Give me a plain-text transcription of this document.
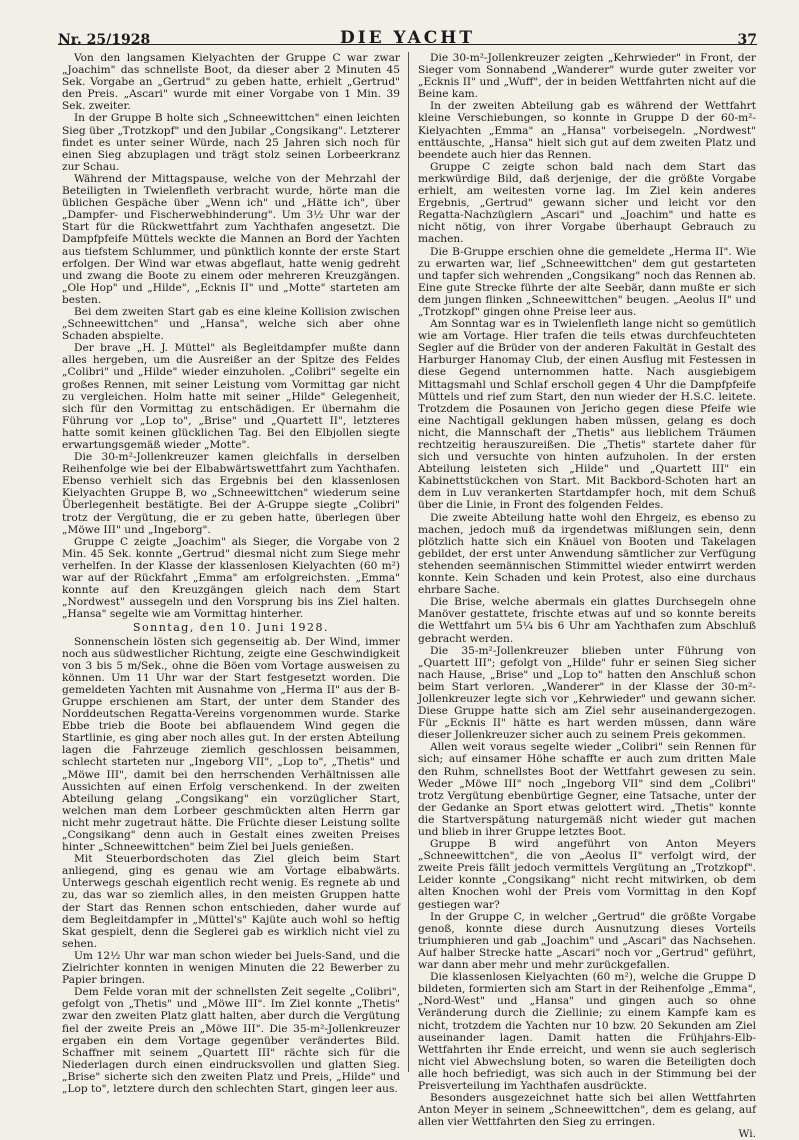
Nr. 25/1928	DIE YACHT	37

Von den langsamen Kielyachten der Gruppe C war zwar „Joachim" das schnellste Boot, da dieser aber 2 Minuten 45 Sek. Vorgabe an „Gertrud" zu geben hatte, erhielt „Gertrud" den Preis. „Ascari" wurde mit einer Vorgabe von 1 Min. 39 Sek. zweiter.

In der Gruppe B holte sich „Schneewittchen" einen leichten Sieg über „Trotzkopf" und den Jubilar „Congsikang". Letzterer findet es unter seiner Würde, nach 25 Jahren sich noch für einen Sieg abzuplagen und trägt stolz seinen Lorbeerkranz zur Schau.

Während der Mittagspause, welche von der Mehrzahl der Beteiligten in Twielenfleth verbracht wurde, hörte man die üblichen Gespäche über „Wenn ich" und „Hätte ich", über „Dampfer- und Fischerwebhinderung". Um 3½ Uhr war der Start für die Rückwettfahrt zum Yachthafen angesetzt. Die Dampfpfeife Müttels weckte die Mannen an Bord der Yachten aus tiefstem Schlummer, und pünktlich konnte der erste Start erfolgen. Der Wind war etwas abgeflaut, hatte wenig gedreht und zwang die Boote zu einem oder mehreren Kreuzgängen. „Ole Hop" und „Hilde", „Ecknis II" und „Motte" starteten am besten.

Bei dem zweiten Start gab es eine kleine Kollision zwischen „Schneewittchen" und „Hansa", welche sich aber ohne Schaden abspielte.

Der brave „H. J. Müttel" als Begleitdampfer mußte dann alles hergeben, um die Ausreißer an der Spitze des Feldes „Colibri" und „Hilde" wieder einzuholen. „Colibri" segelte ein großes Rennen, mit seiner Leistung vom Vormittag gar nicht zu vergleichen. Holm hatte mit seiner „Hilde" Gelegenheit, sich für den Vormittag zu entschädigen. Er übernahm die Führung vor „Lop to", „Brise" und „Quartett II", letzteres hatte somit keinen glücklichen Tag. Bei den Elbjollen siegte erwartungsgemäß wieder „Motte".

Die 30-m²-Jollenkreuzer kamen gleichfalls in derselben Reihenfolge wie bei der Elbabwärtswettfahrt zum Yachthafen. Ebenso verhielt sich das Ergebnis bei den klassenlosen Kielyachten Gruppe B, wo „Schneewittchen" wiederum seine Überlegenheit bestätigte. Bei der A-Gruppe siegte „Colibri" trotz der Vergütung, die er zu geben hatte, überlegen über „Möwe III" und „Ingeborg".

Gruppe C zeigte „Joachim" als Sieger, die Vorgabe von 2 Min. 45 Sek. konnte „Gertrud" diesmal nicht zum Siege mehr verhelfen. In der Klasse der klassenlosen Kielyachten (60 m²) war auf der Rückfahrt „Emma" am erfolgreichsten. „Emma" konnte auf den Kreuzgängen gleich nach dem Start „Nordwest" aussegeln und den Vorsprung bis ins Ziel halten. „Hansa" segelte wie am Vormittag hinterher.

Sonntag, den 10. Juni 1928.

Sonnenschein lösten sich gegenseitig ab. Der Wind, immer noch aus südwestlicher Richtung, zeigte eine Geschwindigkeit von 3 bis 5 m/Sek., ohne die Böen vom Vortage ausweisen zu können. Um 11 Uhr war der Start festgesetzt worden. Die gemeldeten Yachten mit Ausnahme von „Herma II" aus der B-Gruppe erschienen am Start, der unter dem Stander des Norddeutschen Regatta-Vereins vorgenommen wurde. Starke Ebbe trieb die Boote bei abflauendem Wind gegen die Startlinie, es ging aber noch alles gut. In der ersten Abteilung lagen die Fahrzeuge ziemlich geschlossen beisammen, schlecht starteten nur „Ingeborg VII", „Lop to", „Thetis" und „Möwe III", damit bei den herrschenden Verhältnissen alle Aussichten auf einen Erfolg verschenkend. In der zweiten Abteilung gelang „Congsikang" ein vorzüglicher Start, welchen man dem Lorbeer geschmückten alten Herrn gar nicht mehr zugetraut hätte. Die Früchte dieser Leistung sollte „Congsikang" denn auch in Gestalt eines zweiten Preises hinter „Schneewittchen" beim Ziel bei Juels genießen.

Mit Steuerbordschoten das Ziel gleich beim Start anliegend, ging es genau wie am Vortage elbabwärts. Unterwegs geschah eigentlich recht wenig. Es regnete ab und zu, das war so ziemlich alles, in den meisten Gruppen hatte der Start das Rennen schon entschieden, daher wurde auf dem Begleitdampfer in „Müttel's" Kajüte auch wohl so heftig Skat gespielt, denn die Seglerei gab es wirklich nicht viel zu sehen.

Um 12½ Uhr war man schon wieder bei Juels-Sand, und die Zielrichter konnten in wenigen Minuten die 22 Bewerber zu Papier bringen.

Dem Felde voran mit der schnellsten Zeit segelte „Colibri", gefolgt von „Thetis" und „Möwe III". Im Ziel konnte „Thetis" zwar den zweiten Platz glatt halten, aber durch die Vergütung fiel der zweite Preis an „Möwe III". Die 35-m²-Jollenkreuzer ergaben ein dem Vortage gegenüber verändertes Bild. Schaffner mit seinem „Quartett III" rächte sich für die Niederlagen durch einen eindrucksvollen und glatten Sieg. „Brise" sicherte sich den zweiten Platz und Preis, „Hilde" und „Lop to", letztere durch den schlechten Start, gingen leer aus.

Die 30-m²-Jollenkreuzer zeigten „Kehrwieder" in Front, der Sieger vom Sonnabend „Wanderer" wurde guter zweiter vor „Ecknis II" und „Wuff", der in beiden Wettfahrten nicht auf die Beine kam.

In der zweiten Abteilung gab es während der Wettfahrt kleine Verschiebungen, so konnte in Gruppe D der 60-m²-Kielyachten „Emma" an „Hansa" vorbeisegeln. „Nordwest" enttäuschte, „Hansa" hielt sich gut auf dem zweiten Platz und beendete auch hier das Rennen.

Gruppe C zeigte schon bald nach dem Start das merkwürdige Bild, daß derjenige, der die größte Vorgabe erhielt, am weitesten vorne lag. Im Ziel kein anderes Ergebnis, „Gertrud" gewann sicher und leicht vor den Regatta-Nachzüglern „Ascari" und „Joachim" und hatte es nicht nötig, von ihrer Vorgabe überhaupt Gebrauch zu machen.

Die B-Gruppe erschien ohne die gemeldete „Herma II". Wie zu erwarten war, lief „Schneewittchen" dem gut gestarteten und tapfer sich wehrenden „Congsikang" noch das Rennen ab. Eine gute Strecke führte der alte Seebär, dann mußte er sich dem jungen flinken „Schneewittchen" beugen. „Aeolus II" und „Trotzkopf" gingen ohne Preise leer aus.

Am Sonntag war es in Twielenfleth lange nicht so gemütlich wie am Vortage. Hier trafen die teils etwas durchfeuchteten Segler auf die Brüder von der anderen Fakultät in Gestalt des Harburger Hanomay Club, der einen Ausflug mit Festessen in diese Gegend unternommen hatte. Nach ausgiebigem Mittagsmahl und Schlaf erscholl gegen 4 Uhr die Dampfpfeife Müttels und rief zum Start, den nun wieder der H.S.C. leitete. Trotzdem die Posaunen von Jericho gegen diese Pfeife wie eine Nachtigall geklungen haben müssen, gelang es doch nicht, die Mannschaft der „Thetis" aus lieblichem Träumen rechtzeitig herauszureißen. Die „Thetis" startete daher für sich und versuchte von hinten aufzuholen. In der ersten Abteilung leisteten sich „Hilde" und „Quartett III" ein Kabinettstückchen von Start. Mit Backbord-Schoten hart an dem in Luv verankerten Startdampfer hoch, mit dem Schuß über die Linie, in Front des folgenden Feldes.

Die zweite Abteilung hatte wohl den Ehrgeiz, es ebenso zu machen, jedoch muß da irgendetwas mißlungen sein, denn plötzlich hatte sich ein Knäuel von Booten und Takelagen gebildet, der erst unter Anwendung sämtlicher zur Verfügung stehenden seemännischen Stimmittel wieder entwirrt werden konnte. Kein Schaden und kein Protest, also eine durchaus ehrbare Sache.

Die Brise, welche abermals ein glattes Durchsegeln ohne Manöver gestattete, frischte etwas auf und so konnte bereits die Wettfahrt um 5¼ bis 6 Uhr am Yachthafen zum Abschluß gebracht werden.

Die 35-m²-Jollenkreuzer blieben unter Führung von „Quartett III"; gefolgt von „Hilde" fuhr er seinen Sieg sicher nach Hause, „Brise" und „Lop to" hatten den Anschluß schon beim Start verloren. „Wanderer" in der Klasse der 30-m²-Jollenkreuzer legte sich vor „Kehrwieder" und gewann sicher. Diese Gruppe hatte sich am Ziel sehr auseinandergezogen. Für „Ecknis II" hätte es hart werden müssen, dann wäre dieser Jollenkreuzer sicher auch zu seinem Preis gekommen.

Allen weit voraus segelte wieder „Colibri" sein Rennen für sich; auf einsamer Höhe schaffte er auch zum dritten Male den Ruhm, schnellstes Boot der Wettfahrt gewesen zu sein. Weder „Möwe III" noch „Ingeborg VII" sind dem „Colibri" trotz Vergütung ebenbürtige Gegner, eine Tatsache, unter der der Gedanke an Sport etwas gelottert wird. „Thetis" konnte die Startverspätung naturgemäß nicht wieder gut machen und blieb in ihrer Gruppe letztes Boot.

Gruppe B wird angeführt von Anton Meyers „Schneewittchen", die von „Aeolus II" verfolgt wird, der zweite Preis fällt jedoch vermittels Vergütung an „Trotzkopf". Leider konnte „Congsikang" nicht recht mitwirken, ob dem alten Knochen wohl der Preis vom Vormittag in den Kopf gestiegen war?

In der Gruppe C, in welcher „Gertrud" die größte Vorgabe genoß, konnte diese durch Ausnutzung dieses Vorteils triumphieren und gab „Joachim" und „Ascari" das Nachsehen. Auf halber Strecke hatte „Ascari" noch vor „Gertrud" geführt, war dann aber mehr und mehr zurückgefallen.

Die klassenlosen Kielyachten (60 m²), welche die Gruppe D bildeten, formierten sich am Start in der Reihenfolge „Emma", „Nord-West" und „Hansa" und gingen auch so ohne Veränderung durch die Ziellinie; zu einem Kampfe kam es nicht, trotzdem die Yachten nur 10 bzw. 20 Sekunden am Ziel auseinander lagen. Damit hatten die Frühjahrs-Elb-Wettfahrten ihr Ende erreicht, und wenn sie auch seglerisch nicht viel Abwechslung boten, so waren die Beteiligten doch alle hoch befriedigt, was sich auch in der Stimmung bei der Preisverteilung im Yachthafen ausdrückte.

Besonders ausgezeichnet hatte sich bei allen Wettfahrten Anton Meyer in seinem „Schneewittchen", dem es gelang, auf allen vier Wettfahrten den Sieg zu erringen.

Wi.
